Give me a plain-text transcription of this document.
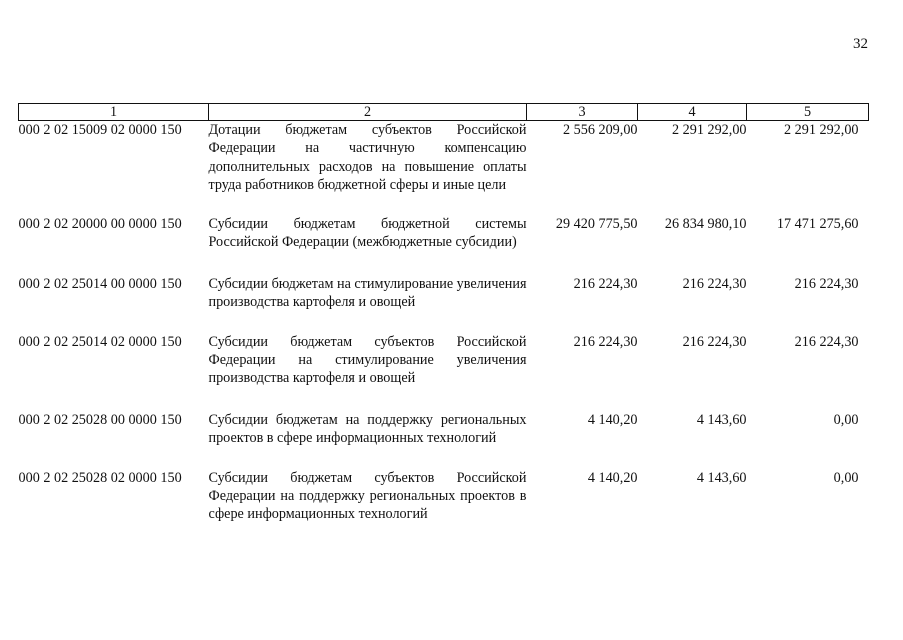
32
1	2	3	4	5
000 2 02 15009 02 0000 150	Дотации бюджетам субъектов Российской Федерации на частичную компенсацию дополнительных расходов на повышение оплаты труда работников бюджетной сферы и иные цели	2 556 209,00	2 291 292,00	2 291 292,00
000 2 02 20000 00 0000 150	Субсидии бюджетам бюджетной системы Российской Федерации (межбюджетные субсидии)	29 420 775,50	26 834 980,10	17 471 275,60
000 2 02 25014 00 0000 150	Субсидии бюджетам на стимулирование увеличения производства картофеля и овощей	216 224,30	216 224,30	216 224,30
000 2 02 25014 02 0000 150	Субсидии бюджетам субъектов Российской Федерации на стимулирование увеличения производства картофеля и овощей	216 224,30	216 224,30	216 224,30
000 2 02 25028 00 0000 150	Субсидии бюджетам на поддержку региональных проектов в сфере информационных технологий	4 140,20	4 143,60	0,00
000 2 02 25028 02 0000 150	Субсидии бюджетам субъектов Российской Федерации на поддержку региональных проектов в сфере информационных технологий	4 140,20	4 143,60	0,00
